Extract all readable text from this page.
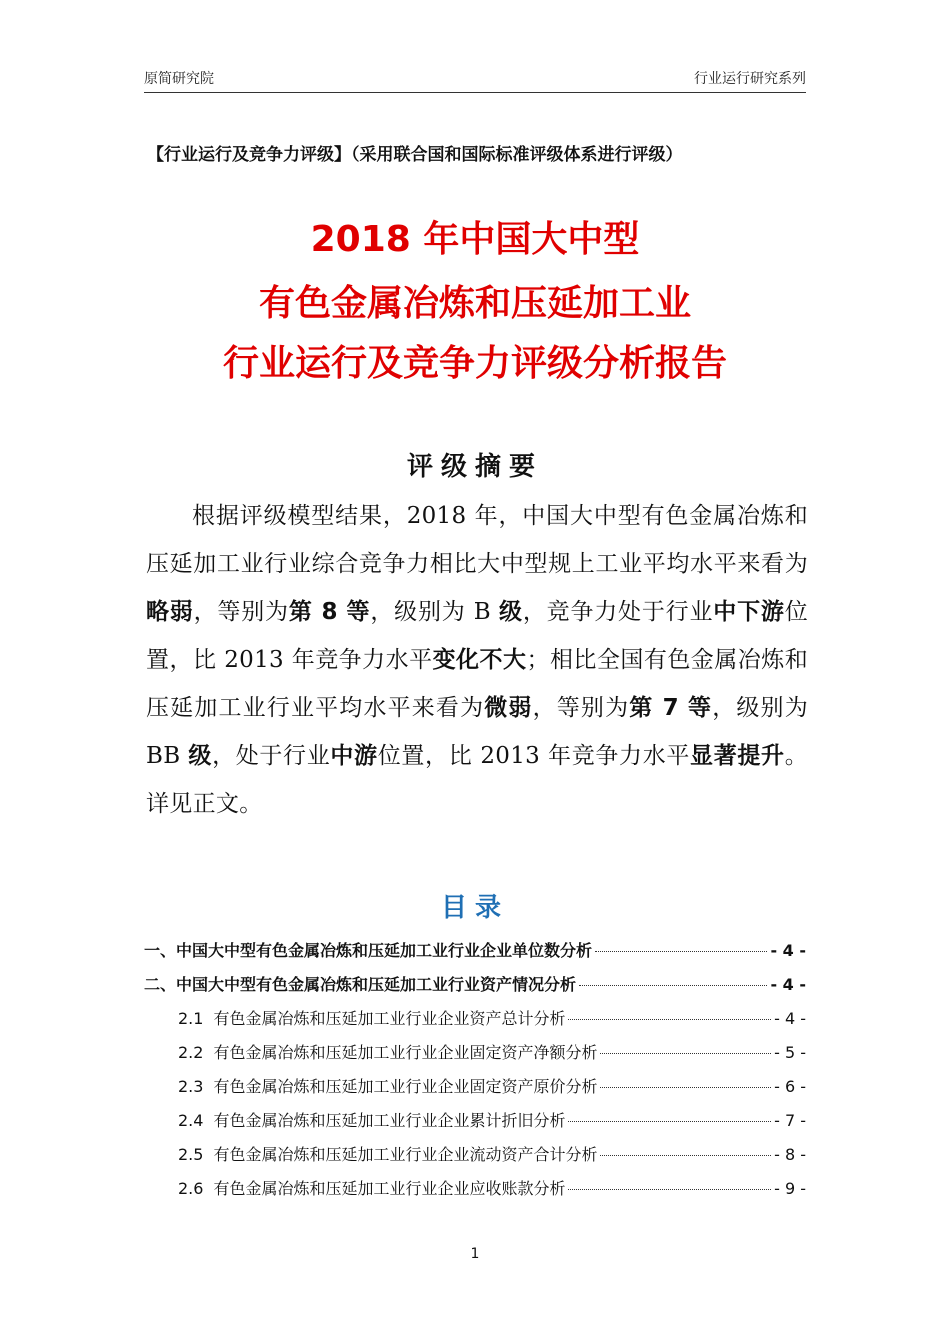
原简研究院	行业运行研究系列
【行业运行及竞争力评级】（采用联合国和国际标准评级体系进行评级）
2018 年中国大中型
有色金属冶炼和压延加工业
行业运行及竞争力评级分析报告
评级摘要
根据评级模型结果，2018 年，中国大中型有色金属冶炼和压延加工业行业综合竞争力相比大中型规上工业平均水平来看为略弱，等别为第 8 等，级别为 B 级，竞争力处于行业中下游位置，比 2013 年竞争力水平变化不大；相比全国有色金属冶炼和压延加工业行业平均水平来看为微弱，等别为第 7 等，级别为 BB 级，处于行业中游位置，比 2013 年竞争力水平显著提升。详见正文。
目录
一、中国大中型有色金属冶炼和压延加工业行业企业单位数分析	- 4 -
二、中国大中型有色金属冶炼和压延加工业行业资产情况分析	- 4 -
2.1 有色金属冶炼和压延加工业行业企业资产总计分析	- 4 -
2.2 有色金属冶炼和压延加工业行业企业固定资产净额分析	- 5 -
2.3 有色金属冶炼和压延加工业行业企业固定资产原价分析	- 6 -
2.4 有色金属冶炼和压延加工业行业企业累计折旧分析	- 7 -
2.5 有色金属冶炼和压延加工业行业企业流动资产合计分析	- 8 -
2.6 有色金属冶炼和压延加工业行业企业应收账款分析	- 9 -
1
